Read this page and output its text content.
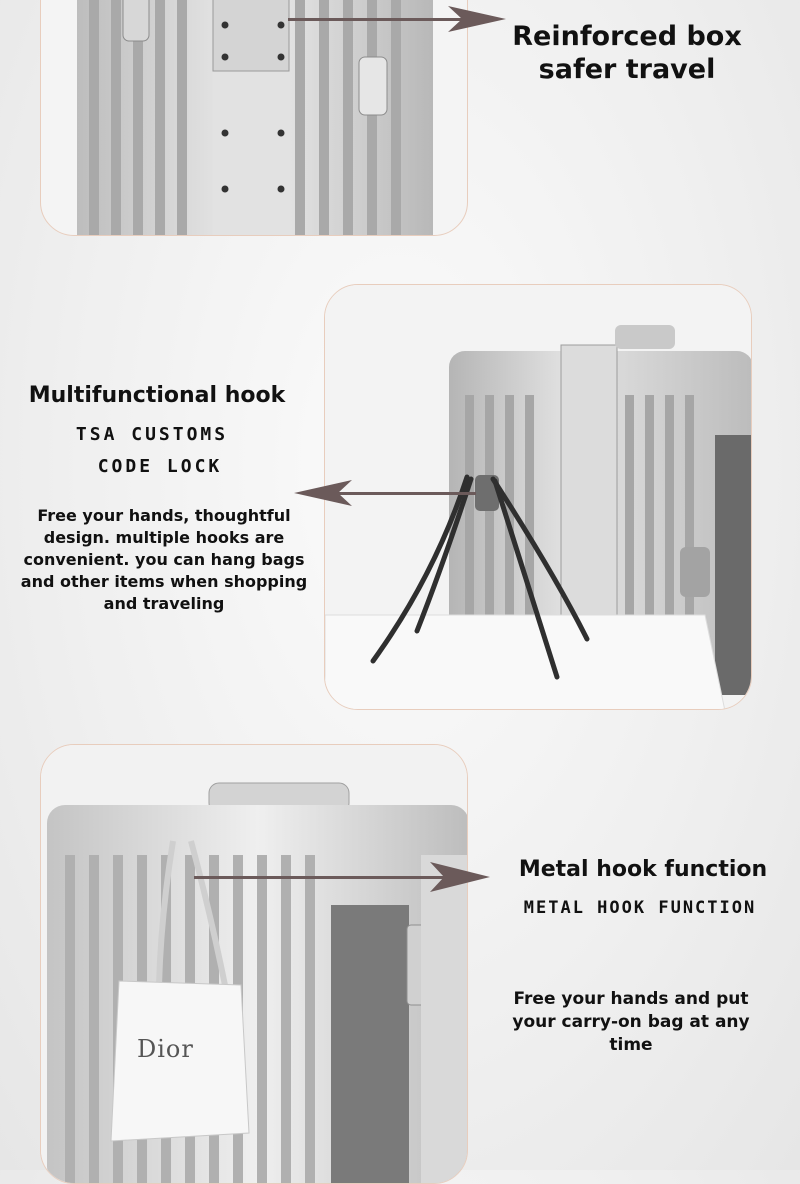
Dior
Reinforced box safer travel
Multifunctional hook
TSA CUSTOMS
CODE LOCK
Free your hands, thoughtful design. multiple hooks are convenient. you can hang bags and other items when shopping and traveling
Metal hook function
METAL HOOK FUNCTION
Free your hands and put your carry-on bag at any time
